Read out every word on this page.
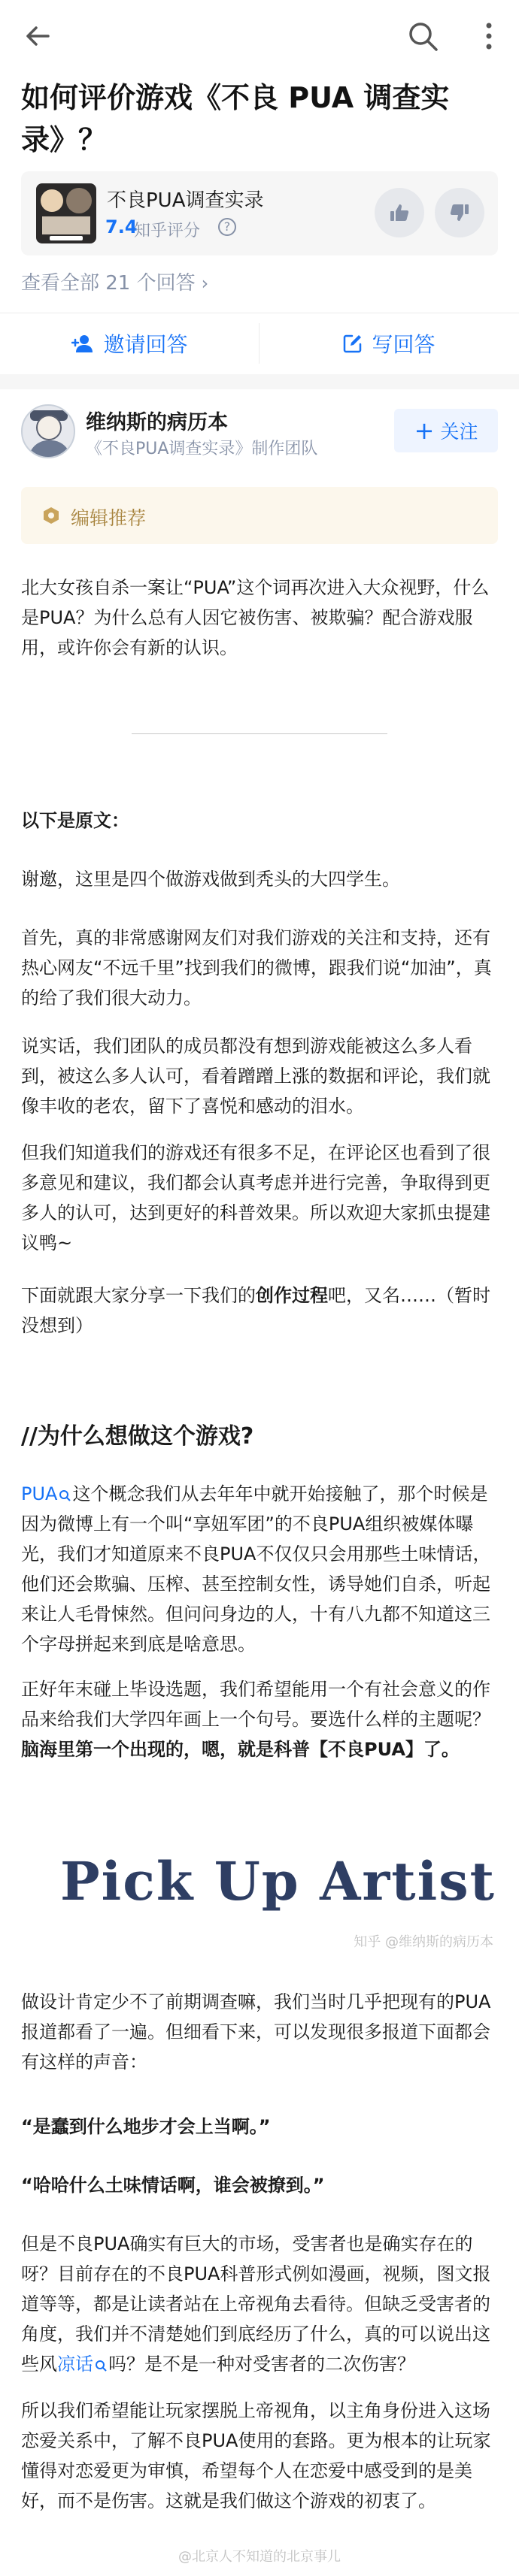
如何评价游戏《不良 PUA 调查实录》？
不良PUA调查实录
7.4
知乎评分	?
查看全部 21 个回答 ›
邀请回答	写回答
维纳斯的病历本
《不良PUA调查实录》制作团队
+ 关注
编辑推荐
北大女孩自杀一案让“PUA”这个词再次进入大众视野，什么是PUA？为什么总有人因它被伤害、被欺骗？配合游戏服用，或许你会有新的认识。
以下是原文：
谢邀，这里是四个做游戏做到秃头的大四学生。
首先，真的非常感谢网友们对我们游戏的关注和支持，还有热心网友“不远千里”找到我们的微博，跟我们说“加油”，真的给了我们很大动力。
说实话，我们团队的成员都没有想到游戏能被这么多人看到，被这么多人认可，看着蹭蹭上涨的数据和评论，我们就像丰收的老农，留下了喜悦和感动的泪水。
但我们知道我们的游戏还有很多不足，在评论区也看到了很多意见和建议，我们都会认真考虑并进行完善，争取得到更多人的认可，达到更好的科普效果。所以欢迎大家抓虫提建议鸭~
下面就跟大家分享一下我们的创作过程吧，又名……（暂时没想到）
//为什么想做这个游戏?
PUA 这个概念我们从去年年中就开始接触了，那个时候是因为微博上有一个叫“享妞军团”的不良PUA组织被媒体曝光，我们才知道原来不良PUA不仅仅只会用那些土味情话，他们还会欺骗、压榨、甚至控制女性，诱导她们自杀，听起来让人毛骨悚然。但问问身边的人，十有八九都不知道这三个字母拼起来到底是啥意思。
正好年末碰上毕设选题，我们希望能用一个有社会意义的作品来给我们大学四年画上一个句号。要选什么样的主题呢？脑海里第一个出现的，嗯，就是科普【不良PUA】了。
Pick Up Artist
知乎 @维纳斯的病历本
做设计肯定少不了前期调查嘛，我们当时几乎把现有的PUA报道都看了一遍。但细看下来，可以发现很多报道下面都会有这样的声音：
“是蠢到什么地步才会上当啊。”
“哈哈什么土味情话啊，谁会被撩到。”
但是不良PUA确实有巨大的市场，受害者也是确实存在的呀？目前存在的不良PUA科普形式例如漫画，视频，图文报道等等，都是让读者站在上帝视角去看待。但缺乏受害者的角度，我们并不清楚她们到底经历了什么，真的可以说出这些风凉话 吗？是不是一种对受害者的二次伤害？
所以我们希望能让玩家摆脱上帝视角，以主角身份进入这场恋爱关系中，了解不良PUA使用的套路。更为根本的让玩家懂得对恋爱更为审慎，希望每个人在恋爱中感受到的是美好，而不是伤害。这就是我们做这个游戏的初衷了。
@北京人不知道的北京事儿
